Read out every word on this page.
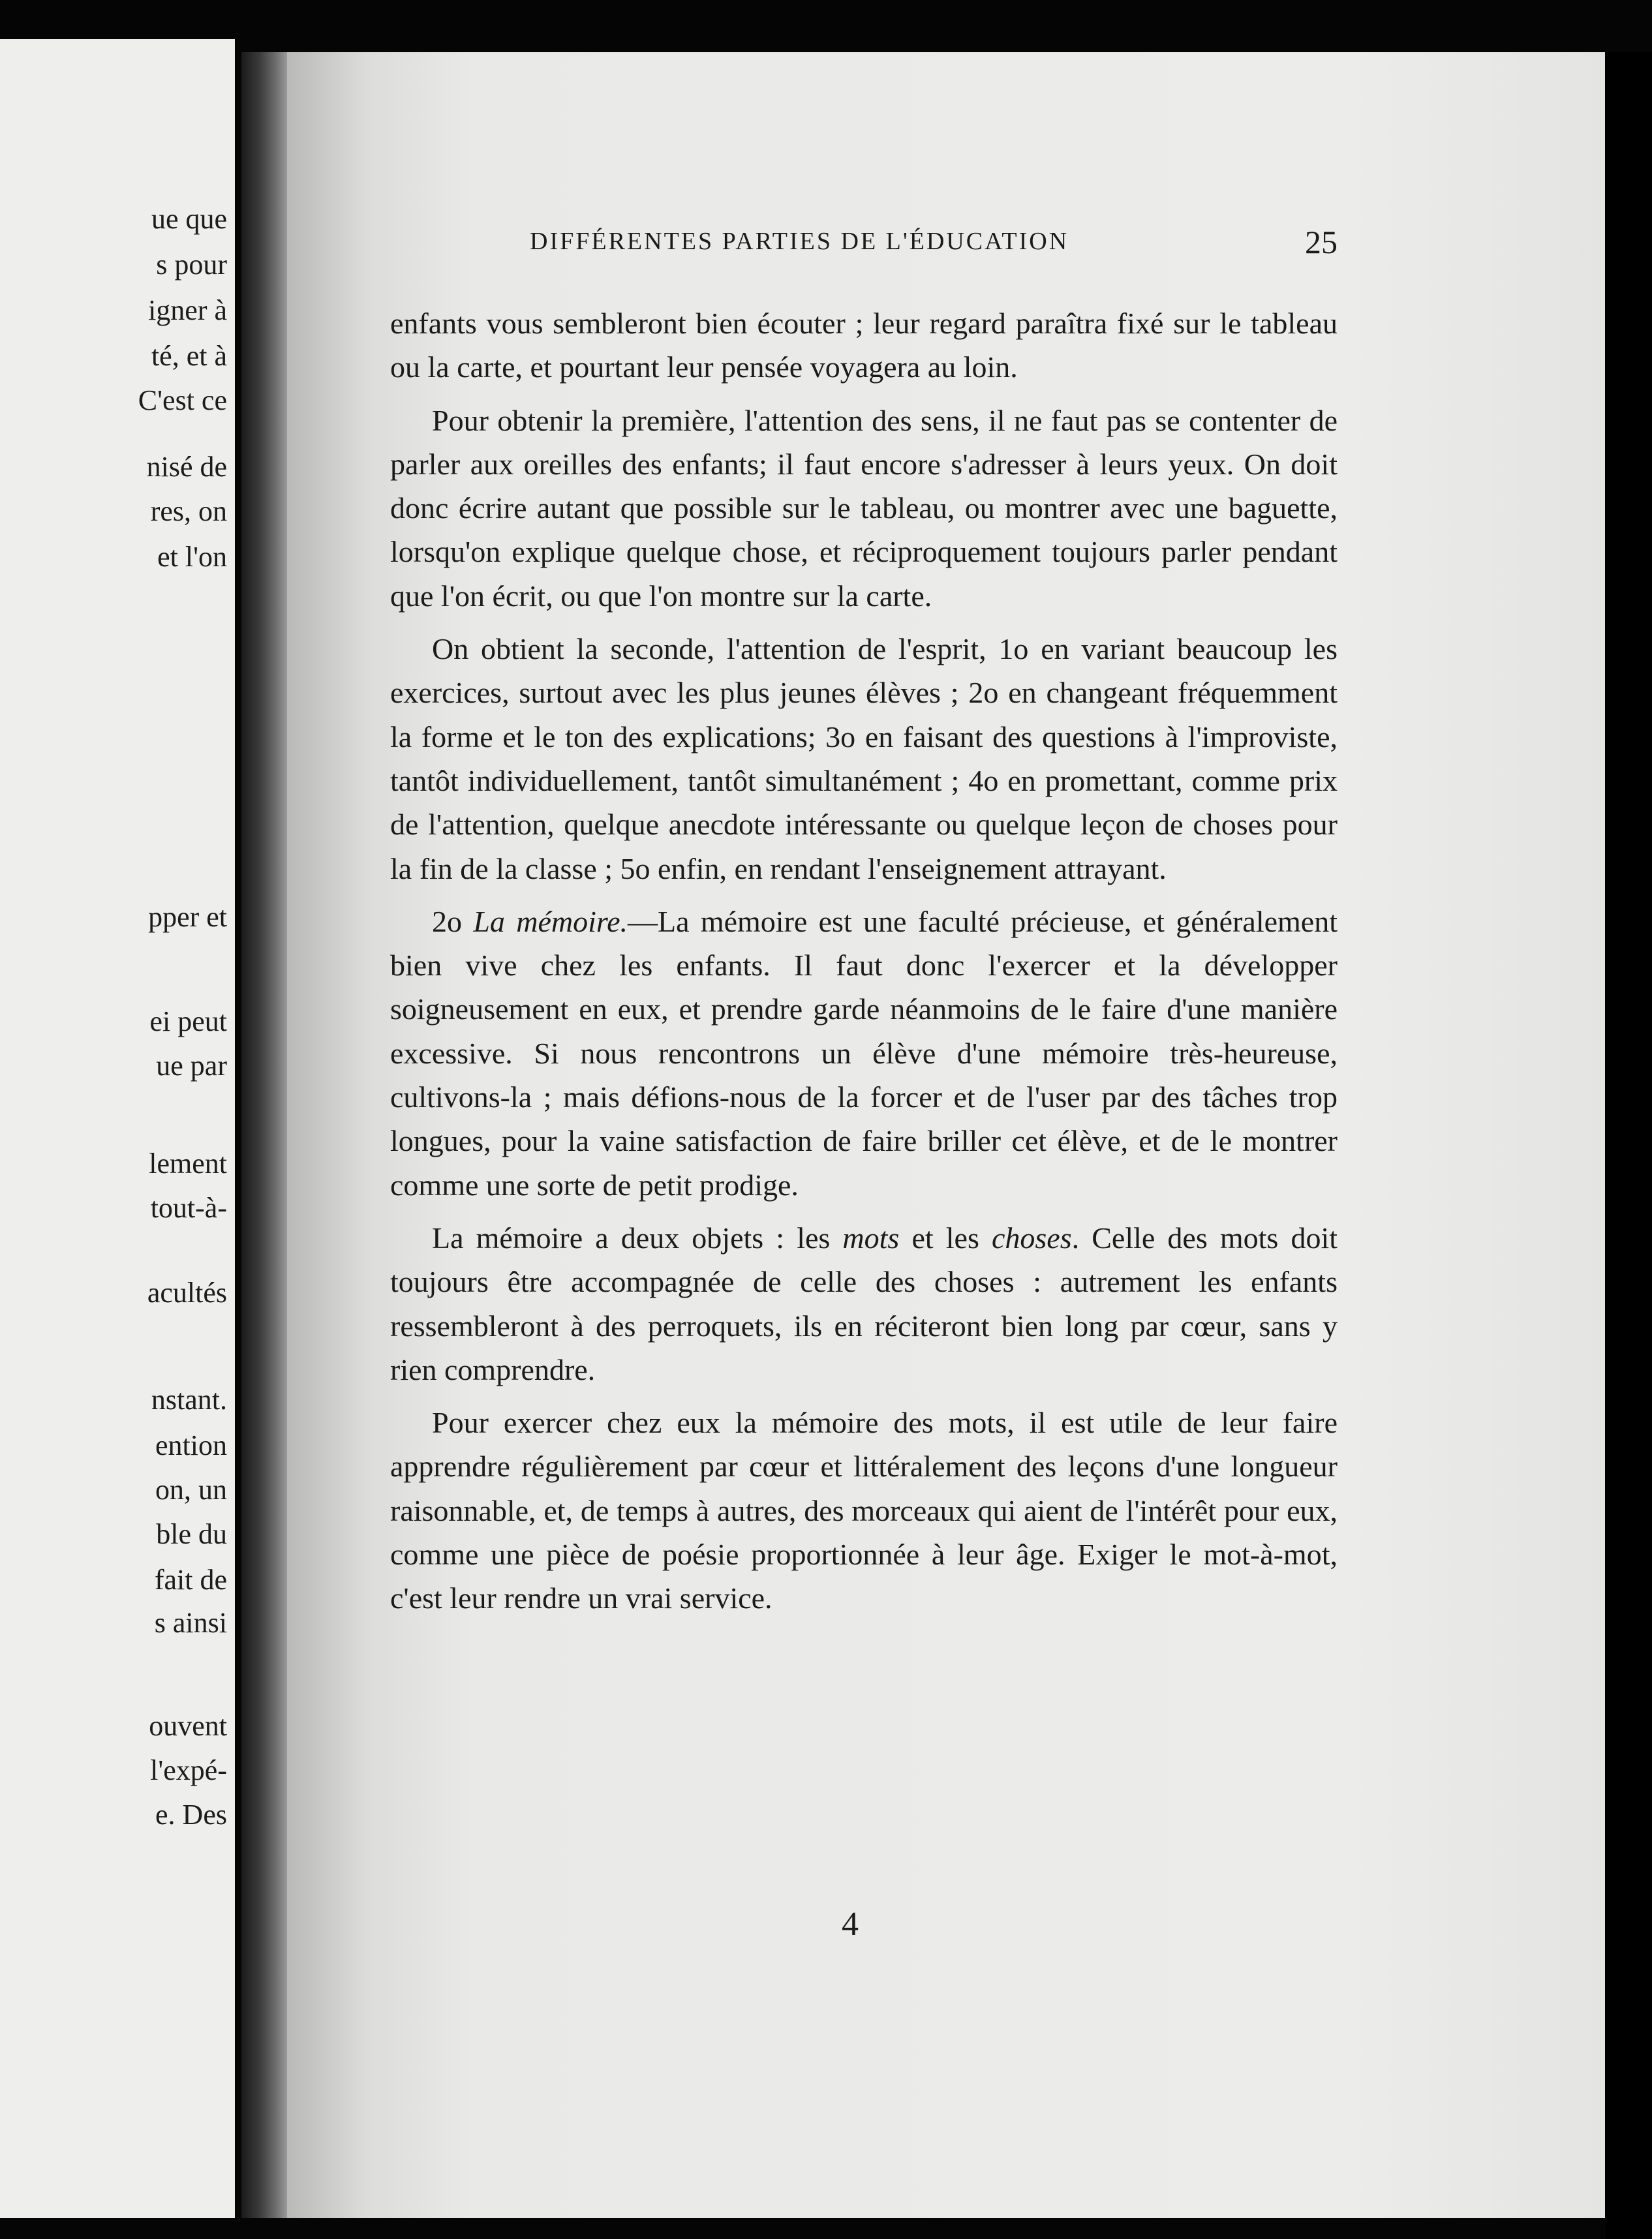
ue que
s pour
igner à
té, et à
C'est ce
nisé de
res, on
et l'on
pper et
ei peut
ue par
lement
tout-à-
acultés
nstant.
ention
on, un
ble du
fait de
s ainsi
ouvent
l'expé-
e. Des
DIFFÉRENTES PARTIES DE L'ÉDUCATION	25

enfants vous sembleront bien écouter ; leur regard paraîtra fixé sur le tableau ou la carte, et pourtant leur pensée voyagera au loin.

Pour obtenir la première, l'attention des sens, il ne faut pas se contenter de parler aux oreilles des enfants; il faut encore s'adresser à leurs yeux. On doit donc écrire autant que possible sur le tableau, ou montrer avec une baguette, lorsqu'on explique quelque chose, et réciproquement toujours parler pendant que l'on écrit, ou que l'on montre sur la carte.

On obtient la seconde, l'attention de l'esprit, 1o en variant beaucoup les exercices, surtout avec les plus jeunes élèves ; 2o en changeant fréquemment la forme et le ton des explications; 3o en faisant des questions à l'improviste, tantôt individuellement, tantôt simultanément ; 4o en promettant, comme prix de l'attention, quelque anecdote intéressante ou quelque leçon de choses pour la fin de la classe ; 5o enfin, en rendant l'enseignement attrayant.

2o La mémoire.—La mémoire est une faculté précieuse, et généralement bien vive chez les enfants. Il faut donc l'exercer et la développer soigneusement en eux, et prendre garde néanmoins de le faire d'une manière excessive. Si nous rencontrons un élève d'une mémoire très-heureuse, cultivons-la ; mais défions-nous de la forcer et de l'user par des tâches trop longues, pour la vaine satisfaction de faire briller cet élève, et de le montrer comme une sorte de petit prodige.

La mémoire a deux objets : les mots et les choses. Celle des mots doit toujours être accompagnée de celle des choses : autrement les enfants ressembleront à des perroquets, ils en réciteront bien long par cœur, sans y rien comprendre.

Pour exercer chez eux la mémoire des mots, il est utile de leur faire apprendre régulièrement par cœur et littéralement des leçons d'une longueur raisonnable, et, de temps à autres, des morceaux qui aient de l'intérêt pour eux, comme une pièce de poésie proportionnée à leur âge. Exiger le mot-à-mot, c'est leur rendre un vrai service.

4
